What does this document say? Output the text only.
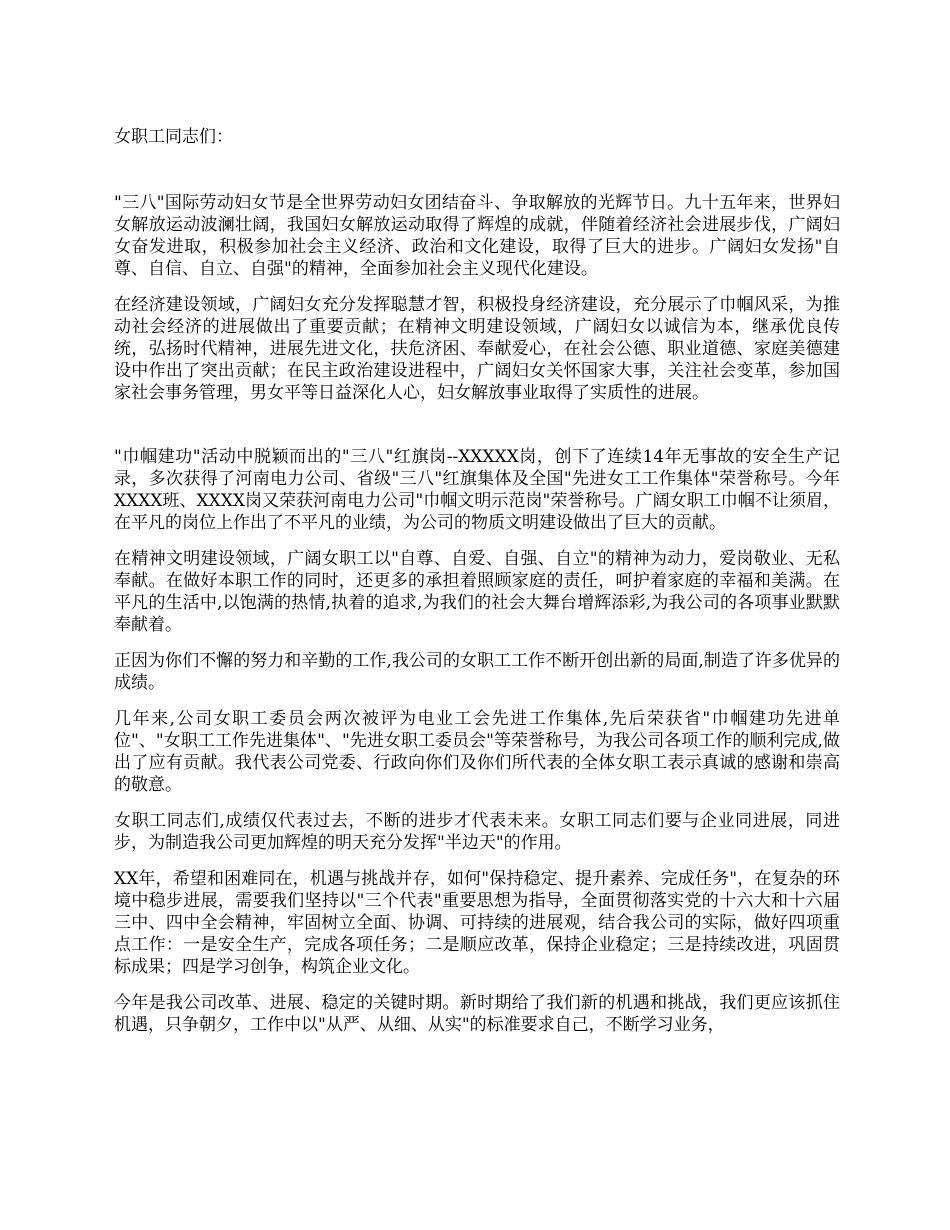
女职工同志们：

"三八"国际劳动妇女节是全世界劳动妇女团结奋斗、争取解放的光辉节日。九十五年来，世界妇女解放运动波澜壮阔，我国妇女解放运动取得了辉煌的成就，伴随着经济社会进展步伐，广阔妇女奋发进取，积极参加社会主义经济、政治和文化建设，取得了巨大的进步。广阔妇女发扬"自尊、自信、自立、自强"的精神，全面参加社会主义现代化建设。

在经济建设领域，广阔妇女充分发挥聪慧才智，积极投身经济建设，充分展示了巾帼风采，为推动社会经济的进展做出了重要贡献；在精神文明建设领域，广阔妇女以诚信为本，继承优良传统，弘扬时代精神，进展先进文化，扶危济困、奉献爱心，在社会公德、职业道德、家庭美德建设中作出了突出贡献；在民主政治建设进程中，广阔妇女关怀国家大事，关注社会变革，参加国家社会事务管理，男女平等日益深化人心，妇女解放事业取得了实质性的进展。

"巾帼建功"活动中脱颖而出的"三八"红旗岗--XXXXX岗，创下了连续14年无事故的安全生产记录，多次获得了河南电力公司、省级"三八"红旗集体及全国"先进女工工作集体"荣誉称号。今年XXXX班、XXXX岗又荣获河南电力公司"巾帼文明示范岗"荣誉称号。广阔女职工巾帼不让须眉，在平凡的岗位上作出了不平凡的业绩，为公司的物质文明建设做出了巨大的贡献。

在精神文明建设领域，广阔女职工以"自尊、自爱、自强、自立"的精神为动力，爱岗敬业、无私奉献。在做好本职工作的同时，还更多的承担着照顾家庭的责任，呵护着家庭的幸福和美满。在平凡的生活中,以饱满的热情,执着的追求,为我们的社会大舞台增辉添彩,为我公司的各项事业默默奉献着。

正因为你们不懈的努力和辛勤的工作,我公司的女职工工作不断开创出新的局面,制造了许多优异的成绩。

几年来,公司女职工委员会两次被评为电业工会先进工作集体,先后荣获省"巾帼建功先进单位"、"女职工工作先进集体"、"先进女职工委员会"等荣誉称号，为我公司各项工作的顺利完成,做出了应有贡献。我代表公司党委、行政向你们及你们所代表的全体女职工表示真诚的感谢和崇高的敬意。

女职工同志们,成绩仅代表过去，不断的进步才代表未来。女职工同志们要与企业同进展，同进步，为制造我公司更加辉煌的明天充分发挥"半边天"的作用。

XX年，希望和困难同在，机遇与挑战并存，如何"保持稳定、提升素养、完成任务"，在复杂的环境中稳步进展，需要我们坚持以"三个代表"重要思想为指导，全面贯彻落实党的十六大和十六届三中、四中全会精神，牢固树立全面、协调、可持续的进展观，结合我公司的实际，做好四项重点工作：一是安全生产，完成各项任务；二是顺应改革，保持企业稳定；三是持续改进，巩固贯标成果；四是学习创争，构筑企业文化。

今年是我公司改革、进展、稳定的关键时期。新时期给了我们新的机遇和挑战，我们更应该抓住机遇，只争朝夕，工作中以"从严、从细、从实"的标准要求自己，不断学习业务，
